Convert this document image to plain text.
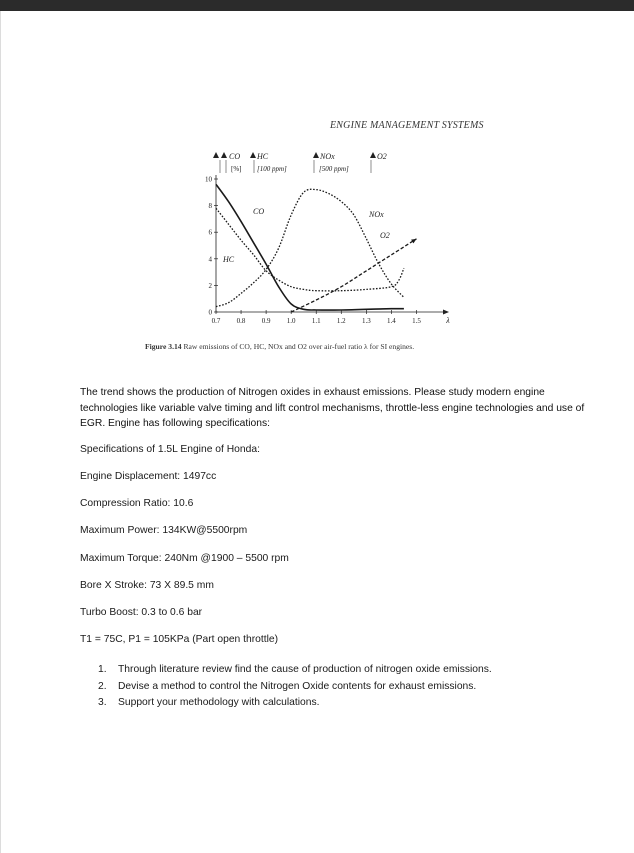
ENGINE MANAGEMENT SYSTEMS
CO HC	NOx	O2
[%] [100 ppm]	[500 ppm]
0
2
4
6
8
10
0.7 0.8 0.9 1.0 1.1 1.2 1.3 1.4 1.5	λ
CO
HC
NOx
O2
Figure 3.14 Raw emissions of CO, HC, NOx and O2 over air-fuel ratio λ for SI engines.

The trend shows the production of Nitrogen oxides in exhaust emissions. Please study modern engine technologies like variable valve timing and lift control mechanisms, throttle-less engine technologies and use of EGR. Engine has following specifications:

Specifications of 1.5L Engine of Honda:
Engine Displacement: 1497cc
Compression Ratio: 10.6
Maximum Power: 134KW@5500rpm
Maximum Torque: 240Nm @1900 – 5500 rpm
Bore X Stroke: 73 X 89.5 mm
Turbo Boost: 0.3 to 0.6 bar
T1 = 75C, P1 = 105KPa (Part open throttle)
1. Through literature review find the cause of production of nitrogen oxide emissions.
2. Devise a method to control the Nitrogen Oxide contents for exhaust emissions.
3. Support your methodology with calculations.
